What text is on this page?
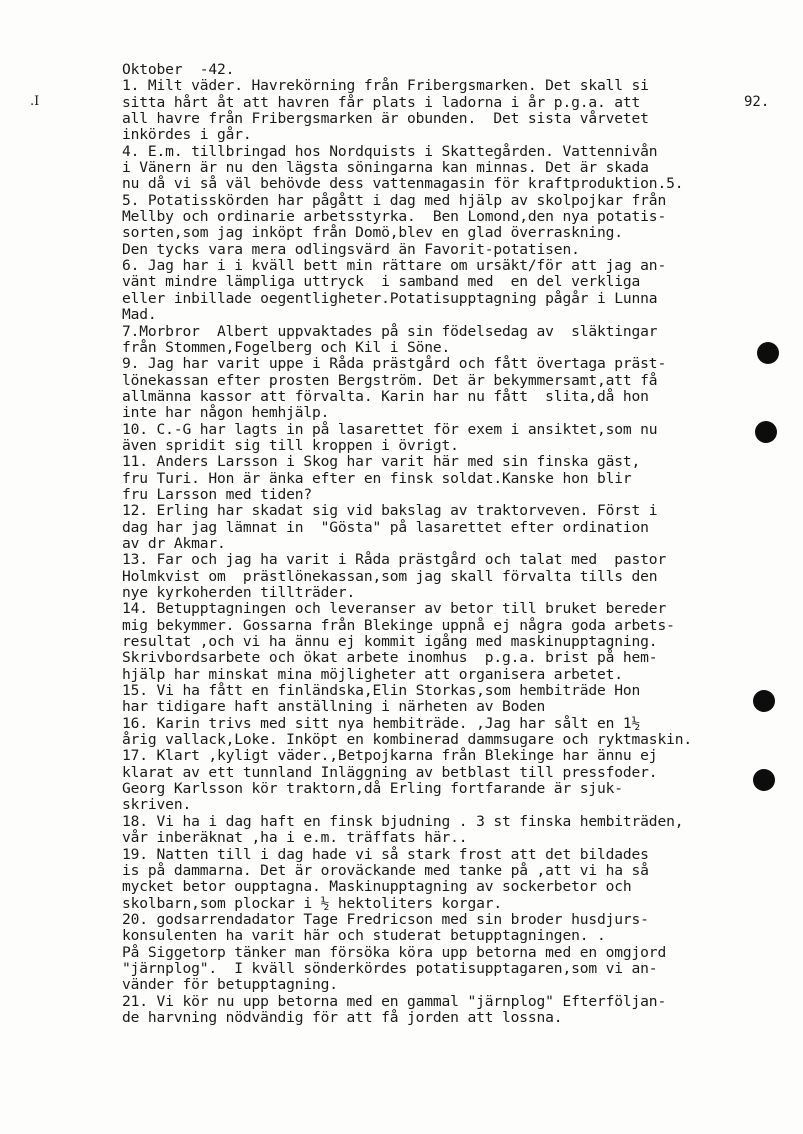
.I	92.
Oktober  -42.
1. Milt väder. Havrekörning från Fribergsmarken. Det skall si
sitta hårt åt att havren får plats i ladorna i år p.g.a. att
all havre från Fribergsmarken är obunden.  Det sista vårvetet
inkördes i går.
4. E.m. tillbringad hos Nordquists i Skattegården. Vattennivån
i Vänern är nu den lägsta söningarna kan minnas. Det är skada
nu då vi så väl behövde dess vattenmagasin för kraftproduktion.5.
5. Potatisskörden har pågått i dag med hjälp av skolpojkar från
Mellby och ordinarie arbetsstyrka.  Ben Lomond,den nya potatis-
sorten,som jag inköpt från Domö,blev en glad överraskning.
Den tycks vara mera odlingsvärd än Favorit-potatisen.
6. Jag har i i kväll bett min rättare om ursäkt/för att jag an-
vänt mindre lämpliga uttryck  i samband med  en del verkliga
eller inbillade oegentligheter.Potatisupptagning pågår i Lunna
Mad.
7.Morbror  Albert uppvaktades på sin födelsedag av  släktingar
från Stommen,Fogelberg och Kil i Söne.
9. Jag har varit uppe i Råda prästgård och fått övertaga präst-
lönekassan efter prosten Bergström. Det är bekymmersamt,att få
allmänna kassor att förvalta. Karin har nu fått  slita,då hon
inte har någon hemhjälp.
10. C.-G har lagts in på lasarettet för exem i ansiktet,som nu
även spridit sig till kroppen i övrigt.
11. Anders Larsson i Skog har varit här med sin finska gäst,
fru Turi. Hon är änka efter en finsk soldat.Kanske hon blir
fru Larsson med tiden?
12. Erling har skadat sig vid bakslag av traktorveven. Först i
dag har jag lämnat in  "Gösta" på lasarettet efter ordination
av dr Akmar.
13. Far och jag ha varit i Råda prästgård och talat med  pastor
Holmkvist om  prästlönekassan,som jag skall förvalta tills den
nye kyrkoherden tillträder.
14. Betupptagningen och leveranser av betor till bruket bereder
mig bekymmer. Gossarna från Blekinge uppnå ej några goda arbets-
resultat ,och vi ha ännu ej kommit igång med maskinupptagning.
Skrivbordsarbete och ökat arbete inomhus  p.g.a. brist på hem-
hjälp har minskat mina möjligheter att organisera arbetet.
15. Vi ha fått en finländska,Elin Storkas,som hembiträde Hon
har tidigare haft anställning i närheten av Boden
16. Karin trivs med sitt nya hembiträde. ,Jag har sålt en 1½
årig vallack,Loke. Inköpt en kombinerad dammsugare och ryktmaskin.
17. Klart ,kyligt väder.,Betpojkarna från Blekinge har ännu ej
klarat av ett tunnland Inläggning av betblast till pressfoder.
Georg Karlsson kör traktorn,då Erling fortfarande är sjuk-
skriven.
18. Vi ha i dag haft en finsk bjudning . 3 st finska hembiträden,
vår inberäknat ,ha i e.m. träffats här..
19. Natten till i dag hade vi så stark frost att det bildades
is på dammarna. Det är oroväckande med tanke på ,att vi ha så
mycket betor oupptagna. Maskinupptagning av sockerbetor och
skolbarn,som plockar i ½ hektoliters korgar.
20. godsarrendadator Tage Fredricson med sin broder husdjurs-
konsulenten ha varit här och studerat betupptagningen. .
På Siggetorp tänker man försöka köra upp betorna med en omgjord
"järnplog".  I kväll sönderkördes potatisupptagaren,som vi an-
vänder för betupptagning.
21. Vi kör nu upp betorna med en gammal "järnplog" Efterföljan-
de harvning nödvändig för att få jorden att lossna.
